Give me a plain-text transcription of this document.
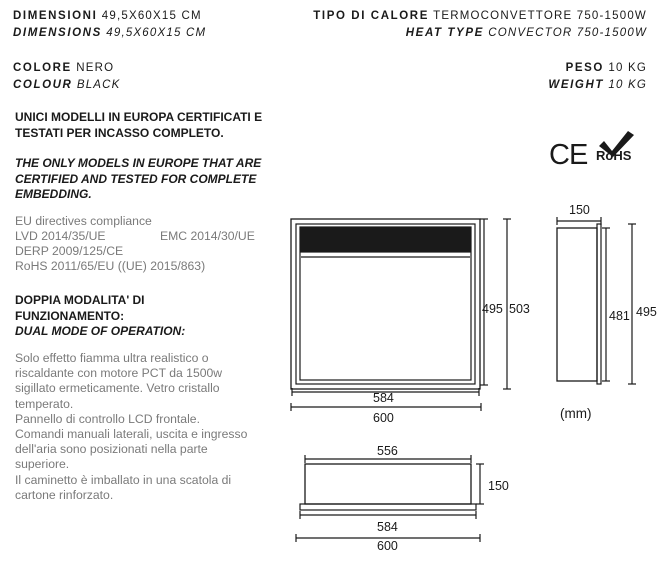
DIMENSIONI 49,5X60X15 CM
DIMENSIONS 49,5X60X15 CM
TIPO DI CALORE TERMOCONVETTORE 750-1500W
HEAT TYPE CONVECTOR 750-1500W
COLORE NERO
COLOUR BLACK
PESO 10 KG
WEIGHT 10 KG
UNICI MODELLI IN EUROPA CERTIFICATI E TESTATI PER INCASSO COMPLETO.
THE ONLY MODELS IN EUROPE THAT ARE CERTIFIED AND TESTED FOR COMPLETE EMBEDDING.
CE RoHS
EU directives compliance
LVD 2014/35/UE	EMC 2014/30/UE
DERP 2009/125/CE
RoHS 2011/65/EU ((UE) 2015/863)
DOPPIA MODALITA' DI FUNZIONAMENTO:
DUAL MODE OF OPERATION:
Solo effetto fiamma ultra realistico o
riscaldante con motore PCT da 1500w
sigillato ermeticamente. Vetro cristallo
temperato.
Pannello di controllo LCD frontale.
Comandi manuali laterali, uscita e ingresso
dell'aria sono posizionati nella parte
superiore.
Il caminetto è imballato in una scatola di
cartone rinforzato.
495 503
584
600
150
481 495
(mm)
556
150
584
600
